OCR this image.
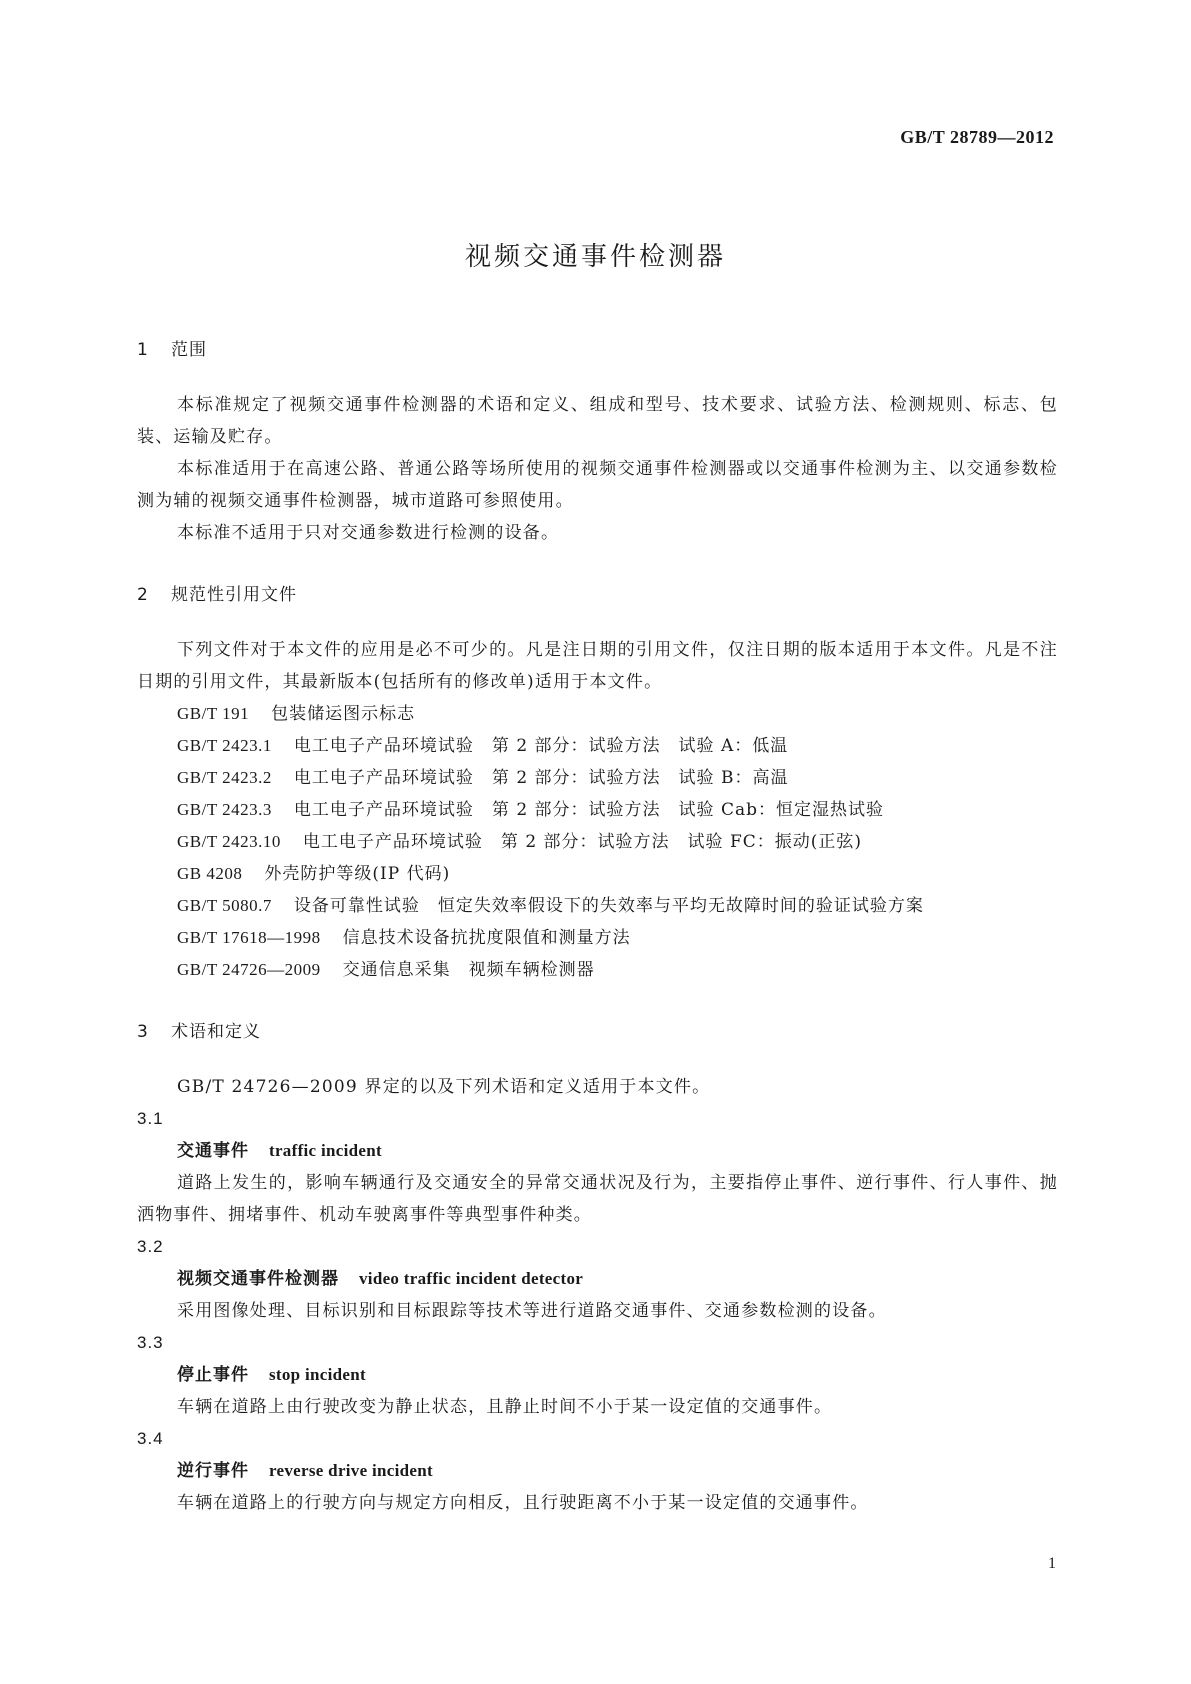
GB/T 28789—2012
视频交通事件检测器
1 范围

本标准规定了视频交通事件检测器的术语和定义、组成和型号、技术要求、试验方法、检测规则、标志、包装、运输及贮存。

本标准适用于在高速公路、普通公路等场所使用的视频交通事件检测器或以交通事件检测为主、以交通参数检测为辅的视频交通事件检测器，城市道路可参照使用。

本标准不适用于只对交通参数进行检测的设备。

2 规范性引用文件

下列文件对于本文件的应用是必不可少的。凡是注日期的引用文件，仅注日期的版本适用于本文件。凡是不注日期的引用文件，其最新版本(包括所有的修改单)适用于本文件。

GB/T 191 包装储运图示标志
GB/T 2423.1 电工电子产品环境试验　第 2 部分：试验方法　试验 A：低温
GB/T 2423.2 电工电子产品环境试验　第 2 部分：试验方法　试验 B：高温
GB/T 2423.3 电工电子产品环境试验　第 2 部分：试验方法　试验 Cab：恒定湿热试验
GB/T 2423.10 电工电子产品环境试验　第 2 部分：试验方法　试验 FC：振动(正弦)
GB 4208 外壳防护等级(IP 代码)
GB/T 5080.7 设备可靠性试验　恒定失效率假设下的失效率与平均无故障时间的验证试验方案
GB/T 17618—1998 信息技术设备抗扰度限值和测量方法
GB/T 24726—2009 交通信息采集　视频车辆检测器
3 术语和定义

GB/T 24726—2009 界定的以及下列术语和定义适用于本文件。

3.1
交通事件 traffic incident

道路上发生的，影响车辆通行及交通安全的异常交通状况及行为，主要指停止事件、逆行事件、行人事件、抛洒物事件、拥堵事件、机动车驶离事件等典型事件种类。

3.2
视频交通事件检测器 video traffic incident detector

采用图像处理、目标识别和目标跟踪等技术等进行道路交通事件、交通参数检测的设备。

3.3
停止事件 stop incident

车辆在道路上由行驶改变为静止状态，且静止时间不小于某一设定值的交通事件。

3.4
逆行事件 reverse drive incident

车辆在道路上的行驶方向与规定方向相反，且行驶距离不小于某一设定值的交通事件。

1
